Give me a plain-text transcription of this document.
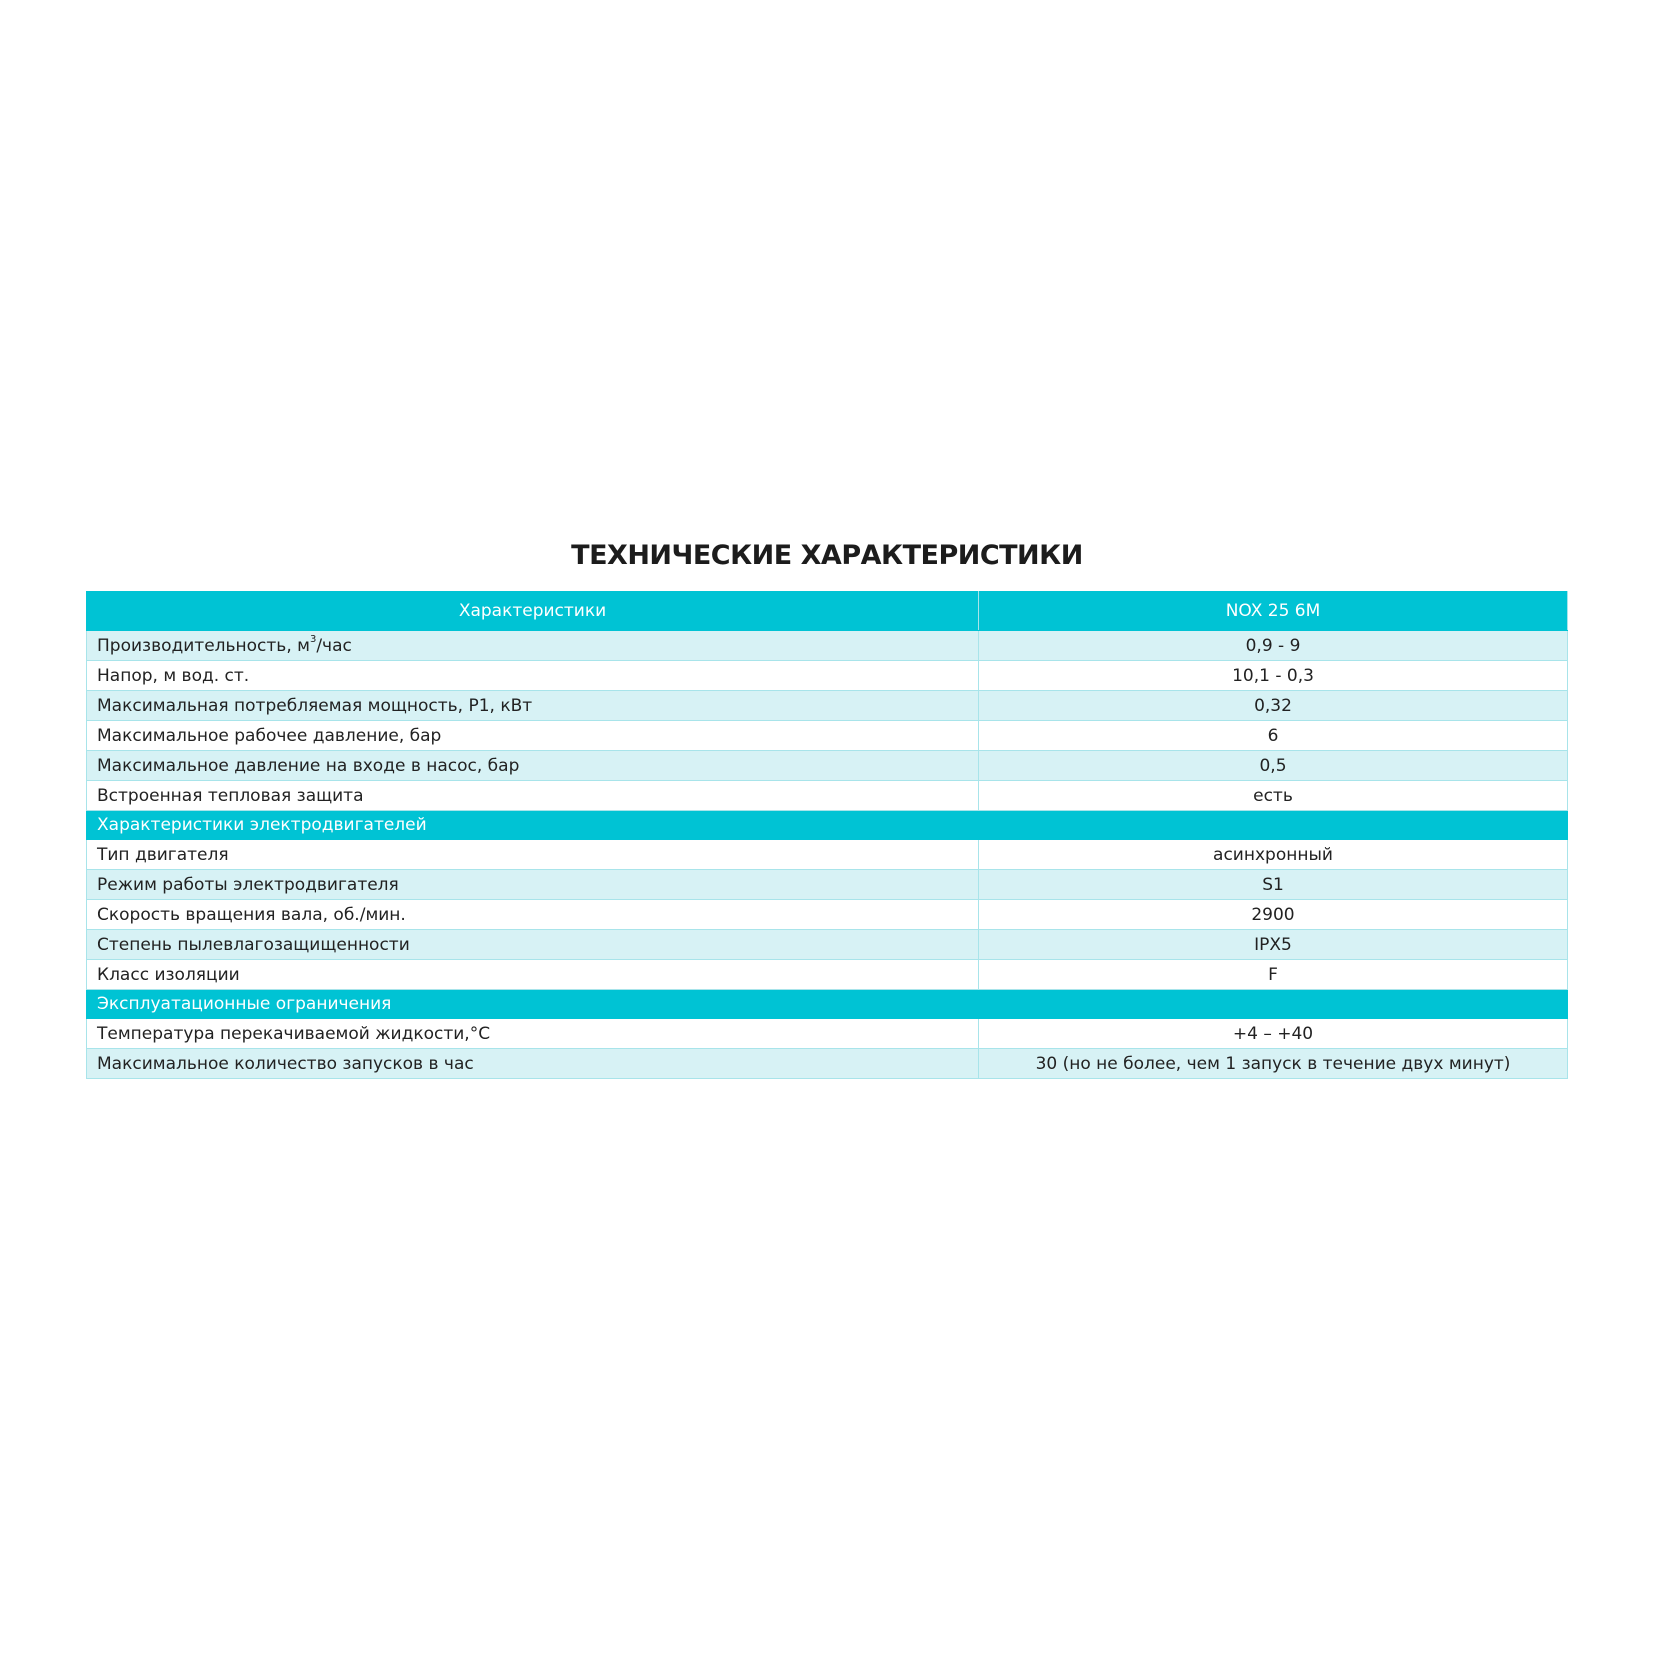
ТЕХНИЧЕСКИЕ ХАРАКТЕРИСТИКИ
Характеристики	NOX 25 6M
Производительность, $м^3$/час	0,9 - 9
Напор, м вод. ст.	10,1 - 0,3
Максимальная потребляемая мощность, Р1, кВт	0,32
Максимальное рабочее давление, бар	6
Максимальное давление на входе в насос, бар	0,5
Встроенная тепловая защита	есть
Характеристики электродвигателей	
Тип двигателя	асинхронный
Режим работы электродвигателя	S1
Скорость вращения вала, об./мин.	2900
Степень пылевлагозащищенности	IPX5
Класс изоляции	F
Эксплуатационные ограничения	
Температура перекачиваемой жидкости,°С	+4 – +40
Максимальное количество запусков в час	30 (но не более, чем 1 запуск в течение двух минут)
